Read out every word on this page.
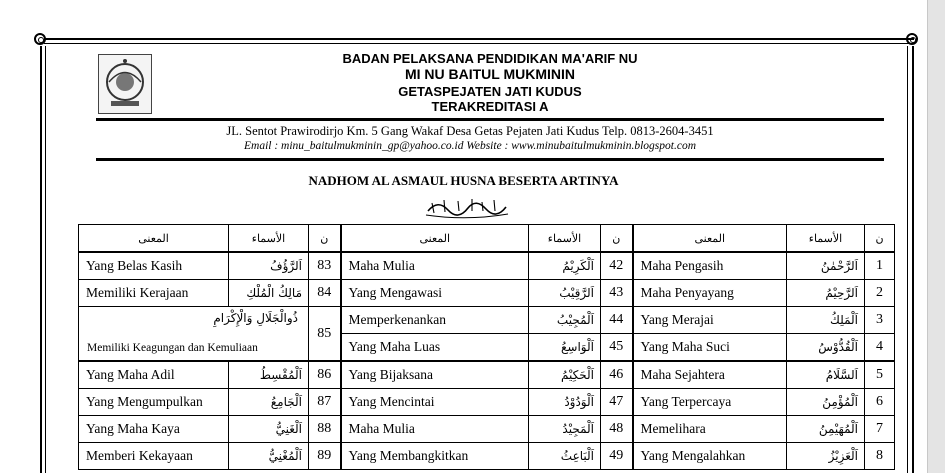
BADAN PELAKSANA PENDIDIKAN MA'ARIF NU
MI NU BAITUL MUKMININ
GETASPEJATEN JATI KUDUS
TERAKREDITASI A
JL. Sentot Prawirodirjo Km. 5 Gang Wakaf Desa Getas Pejaten Jati Kudus Telp. 0813-2604-3451
Email : minu_baitulmukminin_gp@yahoo.co.id Website : www.minubaitulmukminin.blogspot.com
NADHOM AL ASMAUL HUSNA BESERTA ARTINYA
المعنى	الأسماء	ن	المعنى	الأسماء	ن	المعنى	الأسماء	ن
Yang Belas Kasih	اَلرَّؤُفُ	83	Maha Mulia	اَلْكَرِيْمُ	42	Maha Pengasih	اَلرَّحْمٰنُ	1
Memiliki Kerajaan	مَالِكُ الْمُلْكِ	84	Yang Mengawasi	اَلرَّقِيْبُ	43	Maha Penyayang	اَلرَّحِيْمُ	2

ذُوالْجَلَالِ وَالْإِكْرَامِ
Memiliki Keagungan dan Kemuliaan		85	Memperkenankan	اَلْمُجِيْبُ	44	Yang Merajai	اَلْمَلِكُ	3
			Yang Maha Luas	اَلْوَاسِعُ	45	Yang Maha Suci	اَلْقُدُّوْسُ	4
Yang Maha Adil	اَلْمُقْسِطُ	86	Yang Bijaksana	اَلْحَكِيْمُ	46	Maha Sejahtera	اَلسَّلَامُ	5
Yang Mengumpulkan	اَلْجَامِعُ	87	Yang Mencintai	اَلْوَدُوْدُ	47	Yang Terpercaya	اَلْمُؤْمِنُ	6
Yang Maha Kaya	اَلْغَنِيُّ	88	Maha Mulia	اَلْمَجِيْدُ	48	Memelihara	اَلْمُهَيْمِنُ	7
Memberi Kekayaan	اَلْمُغْنِيُّ	89	Yang Membangkitkan	اَلْبَاعِثُ	49	Yang Mengalahkan	اَلْعَزِيْزُ	8
